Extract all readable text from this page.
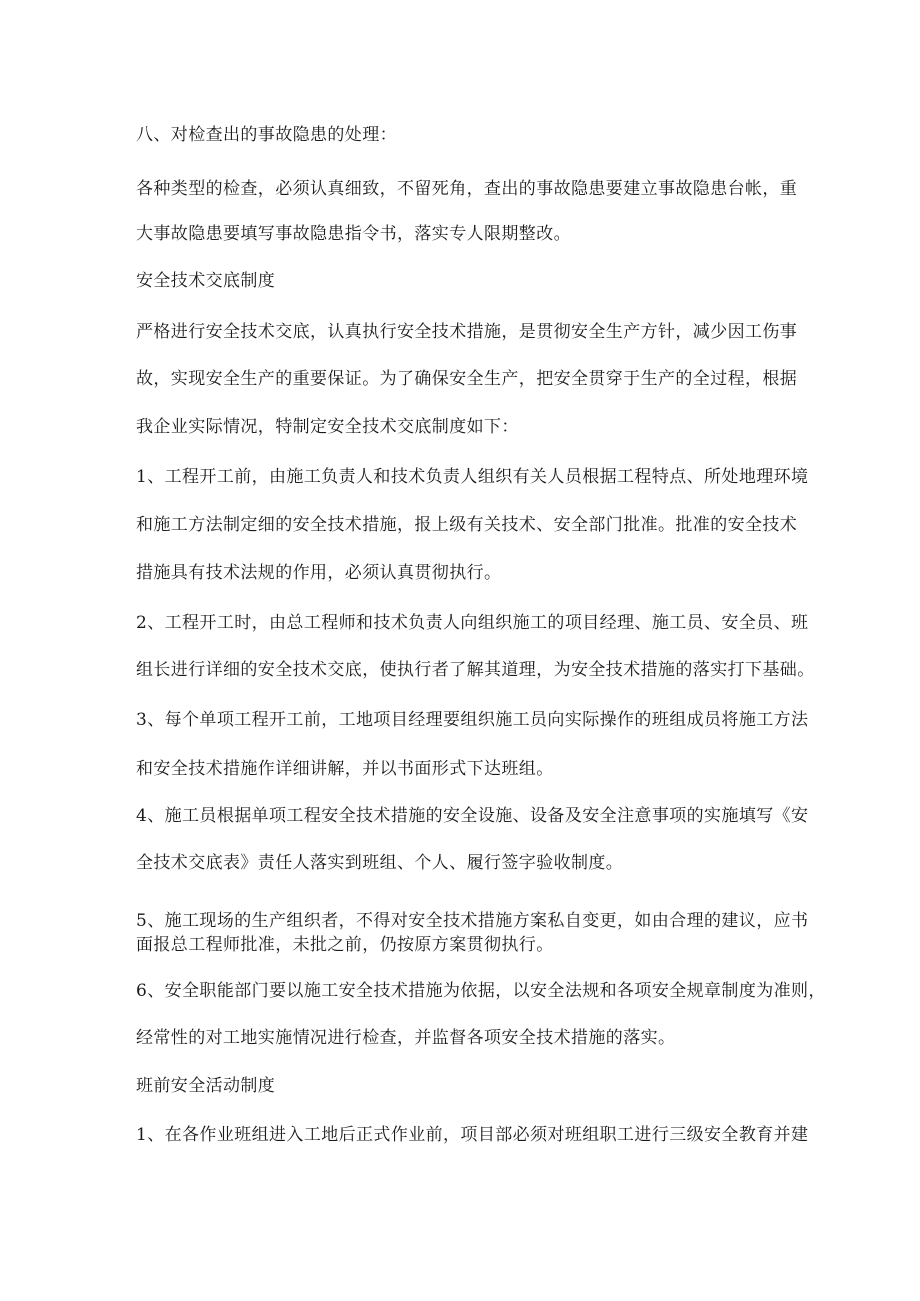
八、对检查出的事故隐患的处理：
各种类型的检查，必须认真细致，不留死角，查出的事故隐患要建立事故隐患台帐，重
大事故隐患要填写事故隐患指令书，落实专人限期整改。
安全技术交底制度
严格进行安全技术交底，认真执行安全技术措施，是贯彻安全生产方针，减少因工伤事
故，实现安全生产的重要保证。为了确保安全生产，把安全贯穿于生产的全过程，根据
我企业实际情况，特制定安全技术交底制度如下：
1、工程开工前，由施工负责人和技术负责人组织有关人员根据工程特点、所处地理环境
和施工方法制定细的安全技术措施，报上级有关技术、安全部门批准。批准的安全技术
措施具有技术法规的作用，必须认真贯彻执行。
2、工程开工时，由总工程师和技术负责人向组织施工的项目经理、施工员、安全员、班
组长进行详细的安全技术交底，使执行者了解其道理，为安全技术措施的落实打下基础。
3、每个单项工程开工前，工地项目经理要组织施工员向实际操作的班组成员将施工方法
和安全技术措施作详细讲解，并以书面形式下达班组。
4、施工员根据单项工程安全技术措施的安全设施、设备及安全注意事项的实施填写《安
全技术交底表》责任人落实到班组、个人、履行签字验收制度。
5、施工现场的生产组织者，不得对安全技术措施方案私自变更，如由合理的建议，应书
面报总工程师批准，未批之前，仍按原方案贯彻执行。
6、安全职能部门要以施工安全技术措施为依据，以安全法规和各项安全规章制度为准则，
经常性的对工地实施情况进行检查，并监督各项安全技术措施的落实。
班前安全活动制度
1、在各作业班组进入工地后正式作业前，项目部必须对班组职工进行三级安全教育并建
